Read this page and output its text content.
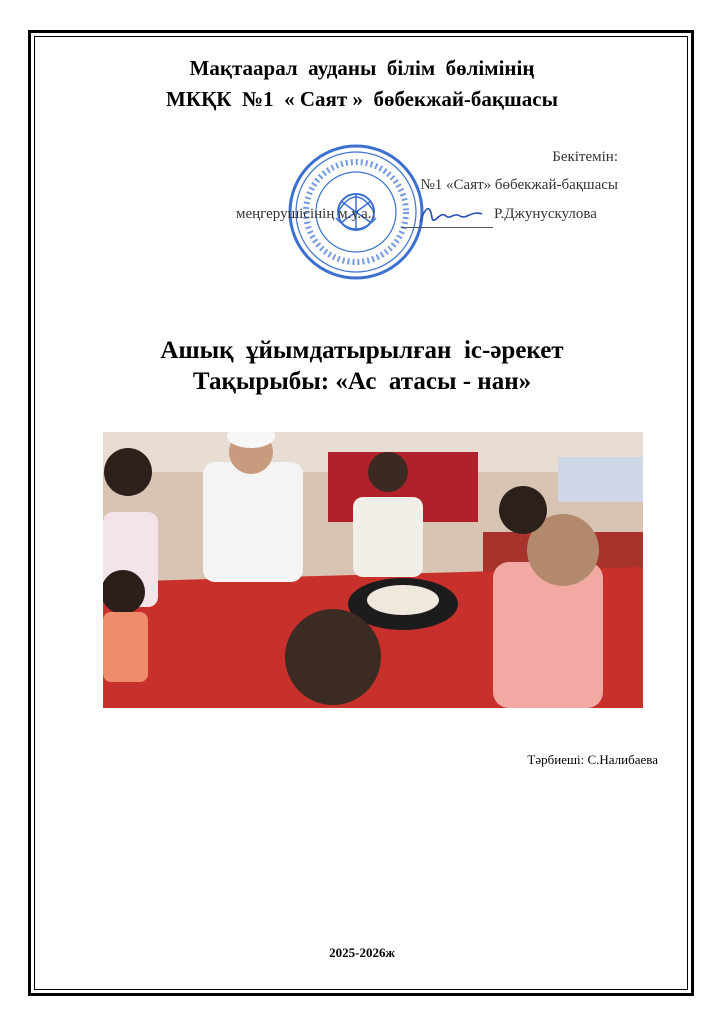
Мақтаарал  ауданы  білім  бөлімінің
МКҚК  №1  « Саят »  бөбекжай-бақшасы
Бекітемін:
№1 «Саят» бөбекжай-бақшасы
меңгерушісінің м.у.а.:	Р.Джунускулова
Ашық  ұйымдатырылған  іс-әрекет
Тақырыбы: «Ас  атасы - нан»
Тәрбиеші: С.Налибаева
2025-2026ж
